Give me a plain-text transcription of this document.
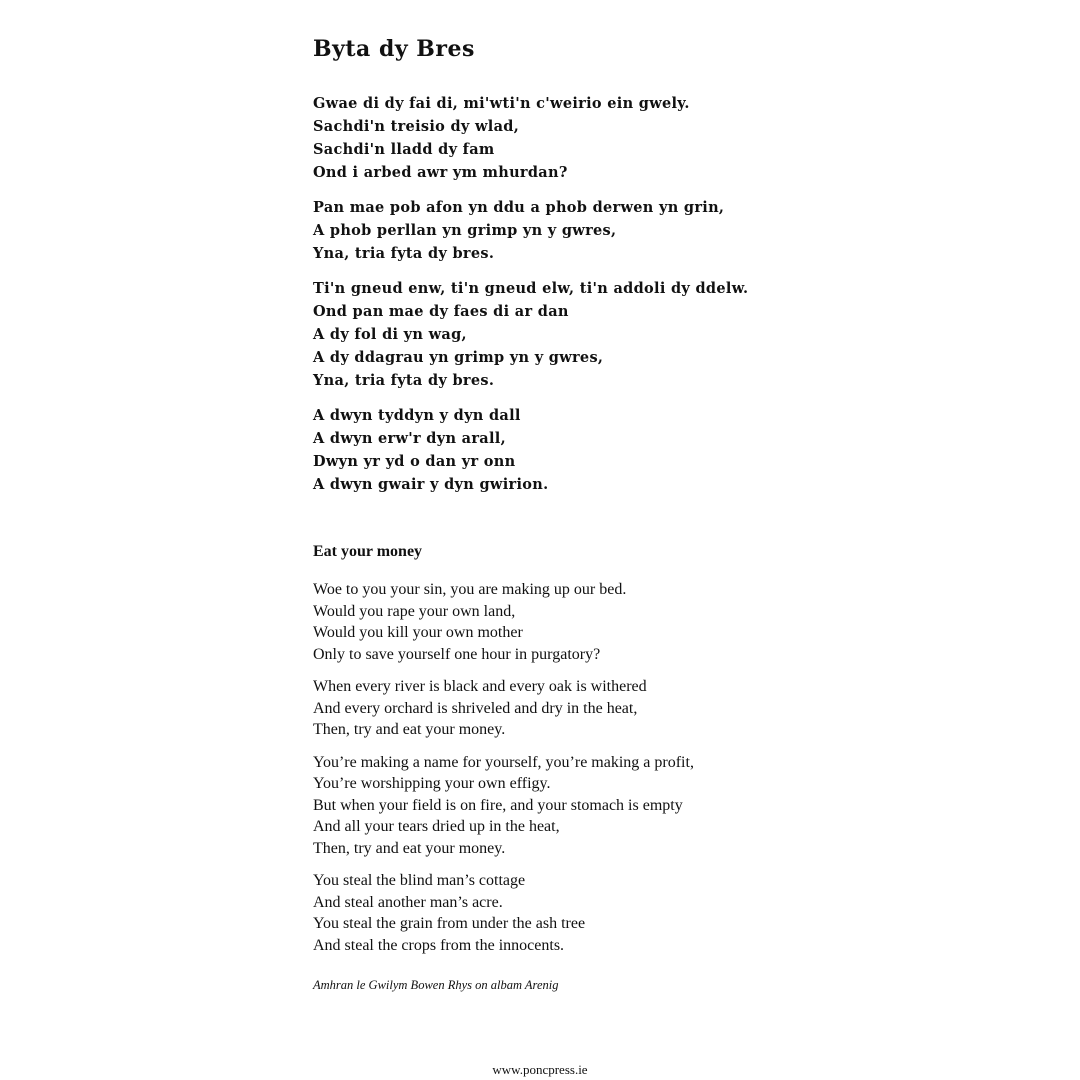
Byta dy Bres
Gwae di dy fai di, mi'wti'n c'weirio ein gwely.
Sachdi'n treisio dy wlad,
Sachdi'n lladd dy fam
Ond i arbed awr ym mhurdan?
Pan mae pob afon yn ddu a phob derwen yn grin,
A phob perllan yn grimp yn y gwres,
Yna, tria fyta dy bres.
Ti'n gneud enw, ti'n gneud elw, ti'n addoli dy ddelw.
Ond pan mae dy faes di ar dan
A dy fol di yn wag,
A dy ddagrau yn grimp yn y gwres,
Yna, tria fyta dy bres.
A dwyn tyddyn y dyn dall
A dwyn erw'r dyn arall,
Dwyn yr yd o dan yr onn
A dwyn gwair y dyn gwirion.
Eat your money
Woe to you your sin, you are making up our bed.
Would you rape your own land,
Would you kill your own mother
Only to save yourself one hour in purgatory?
When every river is black and every oak is withered
And every orchard is shriveled and dry in the heat,
Then, try and eat your money.
You’re making a name for yourself, you’re making a profit,
You’re worshipping your own effigy.
But when your field is on fire, and your stomach is empty
And all your tears dried up in the heat,
Then, try and eat your money.
You steal the blind man’s cottage
And steal another man’s acre.
You steal the grain from under the ash tree
And steal the crops from the innocents.
Amhran le Gwilym Bowen Rhys on albam Arenig
www.poncpress.ie
